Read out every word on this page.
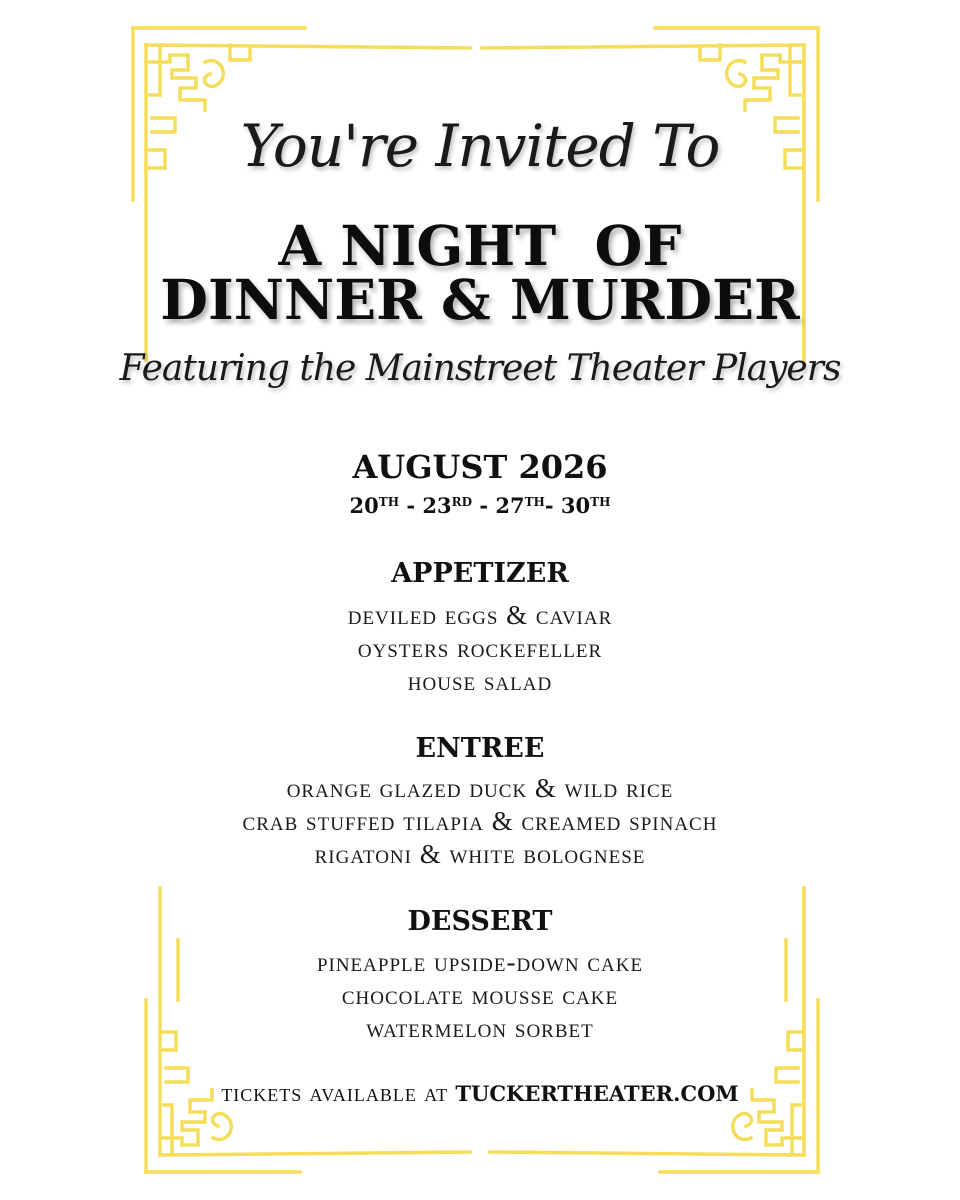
You're Invited To
A NIGHT  OF
DINNER & MURDER
Featuring the Mainstreet Theater Players
AUGUST 2026
20TH - 23RD - 27TH- 30TH
APPETIZER
deviled eggs & caviar
oysters rockefeller
house salad
ENTREE
orange glazed duck & wild rice
crab stuffed tilapia & creamed spinach
rigatoni & white bolognese
DESSERT
pineapple upside-down cake
chocolate mousse cake
watermelon sorbet
tickets available at TUCKERTHEATER.COM
